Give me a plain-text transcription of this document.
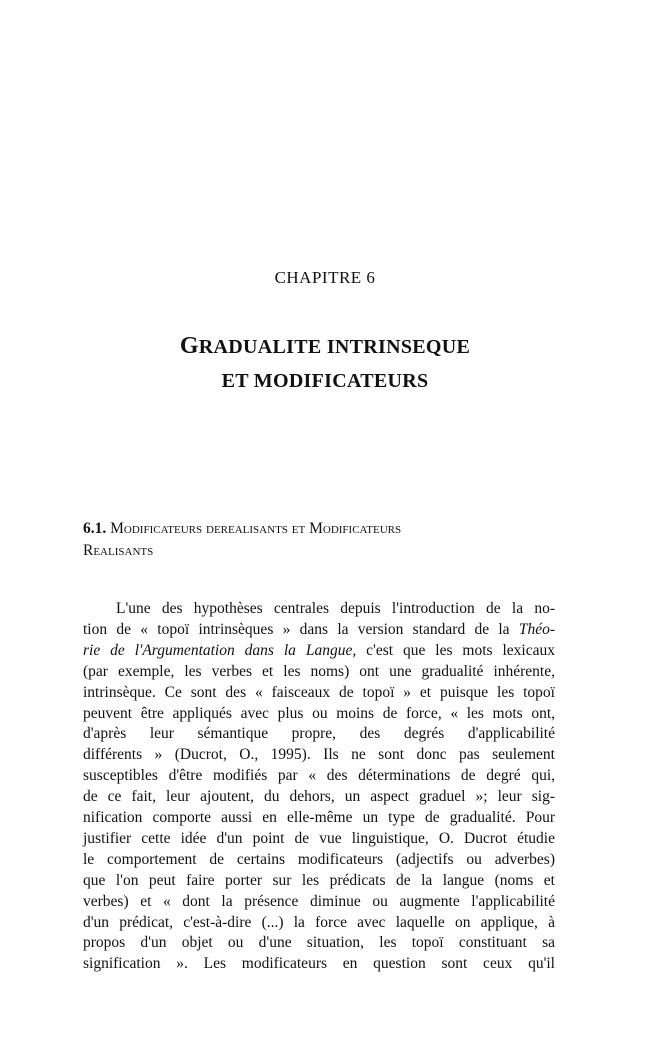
CHAPITRE 6
GRADUALITE INTRINSEQUE
ET MODIFICATEURS
6.1. Modificateurs derealisants et Modificateurs
Realisants
L'une des hypothèses centrales depuis l'introduction de la no-
tion de « topoï intrinsèques » dans la version standard de la Théo-
rie de l'Argumentation dans la Langue, c'est que les mots lexicaux
(par exemple, les verbes et les noms) ont une gradualité inhérente,
intrinsèque. Ce sont des « faisceaux de topoï » et puisque les topoï
peuvent être appliqués avec plus ou moins de force, « les mots ont,
d'après leur sémantique propre, des degrés d'applicabilité
différents » (Ducrot, O., 1995). Ils ne sont donc pas seulement
susceptibles d'être modifiés par « des déterminations de degré qui,
de ce fait, leur ajoutent, du dehors, un aspect graduel »; leur sig-
nification comporte aussi en elle-même un type de gradualité. Pour
justifier cette idée d'un point de vue linguistique, O. Ducrot étudie
le comportement de certains modificateurs (adjectifs ou adverbes)
que l'on peut faire porter sur les prédicats de la langue (noms et
verbes) et « dont la présence diminue ou augmente l'applicabilité
d'un prédicat, c'est-à-dire (...) la force avec laquelle on applique, à
propos d'un objet ou d'une situation, les topoï constituant sa
signification ». Les modificateurs en question sont ceux qu'il
